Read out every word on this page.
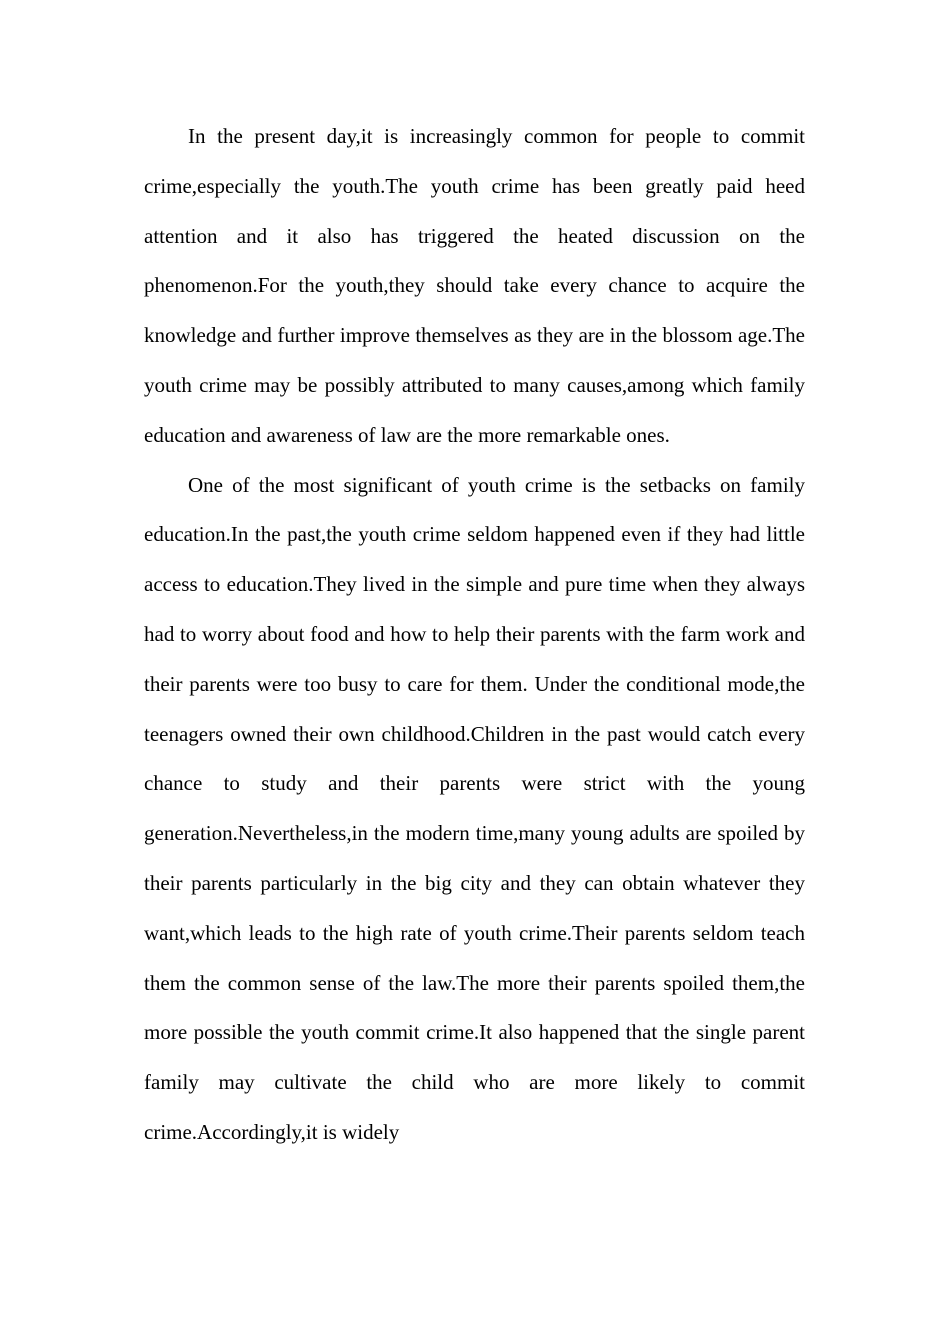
In the present day,it is increasingly common for people to commit crime,especially the youth.The youth crime has been greatly paid heed attention and it also has triggered the heated discussion on the phenomenon.For the youth,they should take every chance to acquire the knowledge and further improve themselves as they are in the blossom age.The youth crime may be possibly attributed to many causes,among which family education and awareness of law are the more remarkable ones.

One of the most significant of youth crime is the setbacks on family education.In the past,the youth crime seldom happened even if they had little access to education.They lived in the simple and pure time when they always had to worry about food and how to help their parents with the farm work and their parents were too busy to care for them. Under the conditional mode,the teenagers owned their own childhood.Children in the past would catch every chance to study and their parents were strict with the young generation.Nevertheless,in the modern time,many young adults are spoiled by their parents particularly in the big city and they can obtain whatever they want,which leads to the high rate of youth crime.Their parents seldom teach them the common sense of the law.The more their parents spoiled them,the more possible the youth commit crime.It also happened that the single parent family may cultivate the child who are more likely to commit crime.Accordingly,it is widely
